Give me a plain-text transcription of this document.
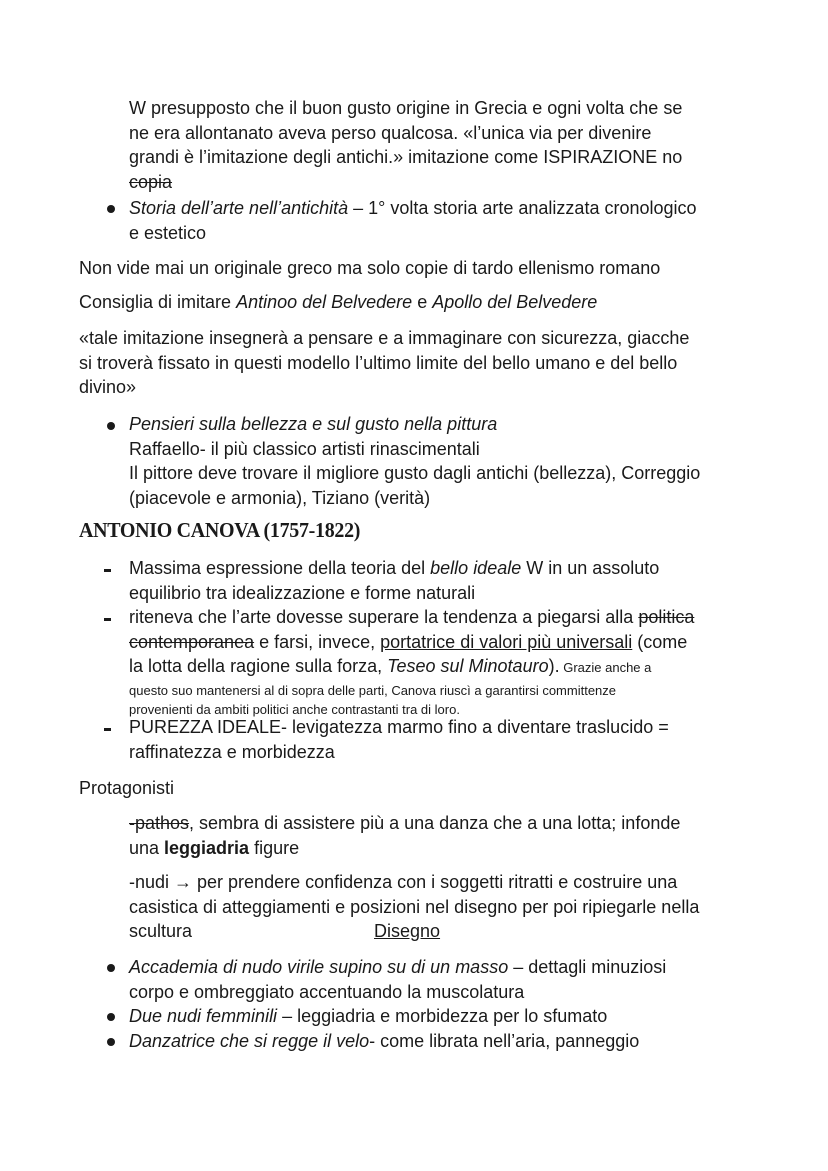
W presupposto che il buon gusto origine in Grecia e ogni volta che se
ne era allontanato aveva perso qualcosa. «l’unica via per divenire
grandi è l’imitazione degli antichi.» imitazione come ISPIRAZIONE no
copia
Storia dell’arte nell’antichità – 1° volta storia arte analizzata cronologico
e estetico
Non vide mai un originale greco ma solo copie di tardo ellenismo romano
Consiglia di imitare Antinoo del Belvedere e Apollo del Belvedere
«tale imitazione insegnerà a pensare e a immaginare con sicurezza, giacche
si troverà fissato in questi modello l’ultimo limite del bello umano e del bello
divino»
Pensieri sulla bellezza e sul gusto nella pittura
Raffaello- il più classico artisti rinascimentali
Il pittore deve trovare il migliore gusto dagli antichi (bellezza), Correggio
(piacevole e armonia), Tiziano (verità)
ANTONIO CANOVA (1757-1822)
Massima espressione della teoria del bello ideale W in un assoluto
equilibrio tra idealizzazione e forme naturali
riteneva che l’arte dovesse superare la tendenza a piegarsi alla politica
contemporanea e farsi, invece, portatrice di valori più universali (come
la lotta della ragione sulla forza, Teseo sul Minotauro). Grazie anche a
questo suo mantenersi al di sopra delle parti, Canova riuscì a garantirsi committenze
provenienti da ambiti politici anche contrastanti tra di loro.
PUREZZA IDEALE- levigatezza marmo fino a diventare traslucido =
raffinatezza e morbidezza
Protagonisti
-pathos, sembra di assistere più a una danza che a una lotta; infonde
una leggiadria figure
-nudi → per prendere confidenza con i soggetti ritratti e costruire una
casistica di atteggiamenti e posizioni nel disegno per poi ripiegarle nella
scultura	Disegno
Accademia di nudo virile supino su di un masso – dettagli minuziosi
corpo e ombreggiato accentuando la muscolatura
Due nudi femminili – leggiadria e morbidezza per lo sfumato
Danzatrice che si regge il velo- come librata nell’aria, panneggio
